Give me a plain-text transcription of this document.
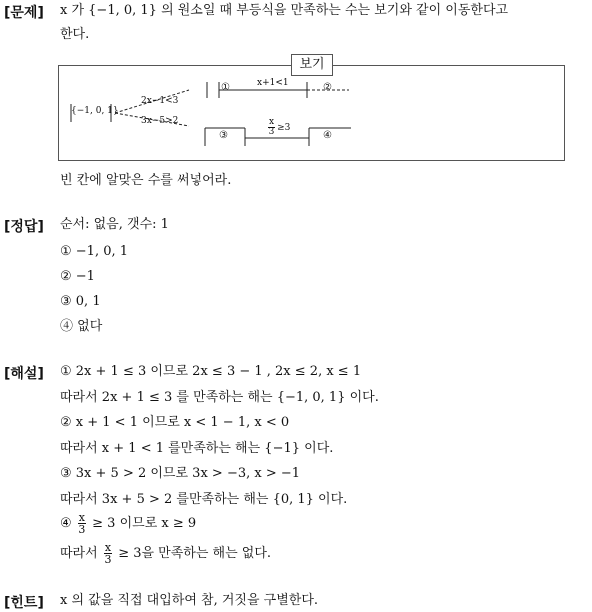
[문제] x 가 {−1, 0, 1} 의 원소일 때 부등식을 만족하는 수는 보기와 같이 이동한다고
한다.
{−1, 0, 1}
2x−1<3
3x−5>2
x+1<1
①	②
③	④
$\frac{x}{3} \ge 3$
보기
빈 칸에 알맞은 수를 써넣어라.
[정답] 순서: 없음, 갯수: 1
① −1, 0, 1
② −1
③ 0, 1
④ 없다
[해설] ① 2x + 1 ≤ 3 이므로 2x ≤ 3 − 1 , 2x ≤ 2, x ≤ 1
따라서 2x + 1 ≤ 3 를 만족하는 해는 {−1, 0, 1} 이다.
② x + 1 < 1 이므로 x < 1 − 1, x < 0
따라서 x + 1 < 1 를만족하는 해는 {−1} 이다.
③ 3x + 5 > 2 이므로 3x > −3, x > −1
따라서 3x + 5 > 2 를만족하는 해는 {0, 1} 이다.
④ $\frac{x}{3} \ge 3$ 이므로 x ≥ 9
따라서 $\frac{x}{3} \ge 3$을 만족하는 해는 없다.
[힌트] x 의 값을 직접 대입하여 참, 거짓을 구별한다.
